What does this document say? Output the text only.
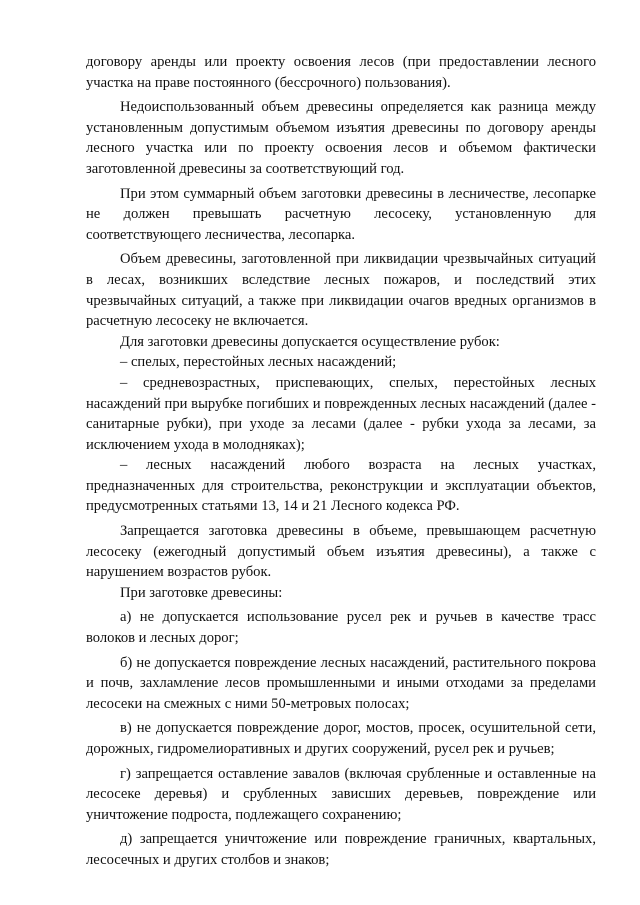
договору аренды или проекту освоения лесов (при предоставлении лесного участка на праве постоянного (бессрочного) пользования).

Недоиспользованный объем древесины определяется как разница между установленным допустимым объемом изъятия древесины по договору аренды лесного участка или по проекту освоения лесов и объемом фактически заготовленной древесины за соответствующий год.

При этом суммарный объем заготовки древесины в лесничестве, лесопарке не должен превышать расчетную лесосеку, установленную для соответствующего лесничества, лесопарка.

Объем древесины, заготовленной при ликвидации чрезвычайных ситуаций в лесах, возникших вследствие лесных пожаров, и последствий этих чрезвычайных ситуаций, а также при ликвидации очагов вредных организмов в расчетную лесосеку не включается.

Для заготовки древесины допускается осуществление рубок:

– спелых, перестойных лесных насаждений;

– средневозрастных, приспевающих, спелых, перестойных лесных насаждений при вырубке погибших и поврежденных лесных насаждений (далее - санитарные рубки), при уходе за лесами (далее - рубки ухода за лесами, за исключением ухода в молодняках);

– лесных насаждений любого возраста на лесных участках, предназначенных для строительства, реконструкции и эксплуатации объектов, предусмотренных статьями 13, 14 и 21 Лесного кодекса РФ.

Запрещается заготовка древесины в объеме, превышающем расчетную лесосеку (ежегодный допустимый объем изъятия древесины), а также с нарушением возрастов рубок.

При заготовке древесины:

а) не допускается использование русел рек и ручьев в качестве трасс волоков и лесных дорог;

б) не допускается повреждение лесных насаждений, растительного покрова и почв, захламление лесов промышленными и иными отходами за пределами лесосеки на смежных с ними 50-метровых полосах;

в) не допускается повреждение дорог, мостов, просек, осушительной сети, дорожных, гидромелиоративных и других сооружений, русел рек и ручьев;

г) запрещается оставление завалов (включая срубленные и оставленные на лесосеке деревья) и срубленных зависших деревьев, повреждение или уничтожение подроста, подлежащего сохранению;

д) запрещается уничтожение или повреждение граничных, квартальных, лесосечных и других столбов и знаков;
